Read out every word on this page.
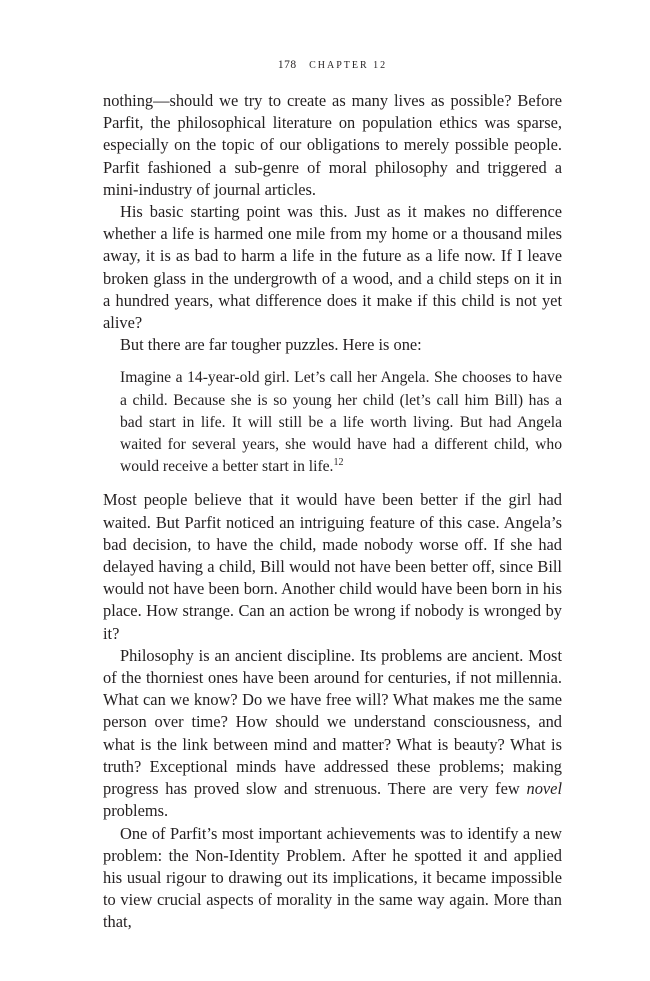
178 CHAPTER 12

nothing—should we try to create as many lives as possible? Before Parfit, the philosophical literature on population ethics was sparse, especially on the topic of our obligations to merely possible people. Parfit fashioned a sub-genre of moral philosophy and triggered a mini-industry of journal articles.

His basic starting point was this. Just as it makes no difference whether a life is harmed one mile from my home or a thousand miles away, it is as bad to harm a life in the future as a life now. If I leave broken glass in the undergrowth of a wood, and a child steps on it in a hundred years, what difference does it make if this child is not yet alive?

But there are far tougher puzzles. Here is one:

Imagine a 14-year-old girl. Let’s call her Angela. She chooses to have a child. Because she is so young her child (let’s call him Bill) has a bad start in life. It will still be a life worth living. But had Angela waited for several years, she would have had a different child, who would receive a better start in life.$^{12}$

Most people believe that it would have been better if the girl had waited. But Parfit noticed an intriguing feature of this case. Angela’s bad decision, to have the child, made nobody worse off. If she had delayed having a child, Bill would not have been better off, since Bill would not have been born. Another child would have been born in his place. How strange. Can an action be wrong if nobody is wronged by it?

Philosophy is an ancient discipline. Its problems are ancient. Most of the thorniest ones have been around for centuries, if not millennia. What can we know? Do we have free will? What makes me the same person over time? How should we understand consciousness, and what is the link between mind and matter? What is beauty? What is truth? Exceptional minds have addressed these problems; making progress has proved slow and strenuous. There are very few novel problems.

One of Parfit’s most important achievements was to identify a new problem: the Non-Identity Problem. After he spotted it and applied his usual rigour to drawing out its implications, it became impossible to view crucial aspects of morality in the same way again. More than that,
